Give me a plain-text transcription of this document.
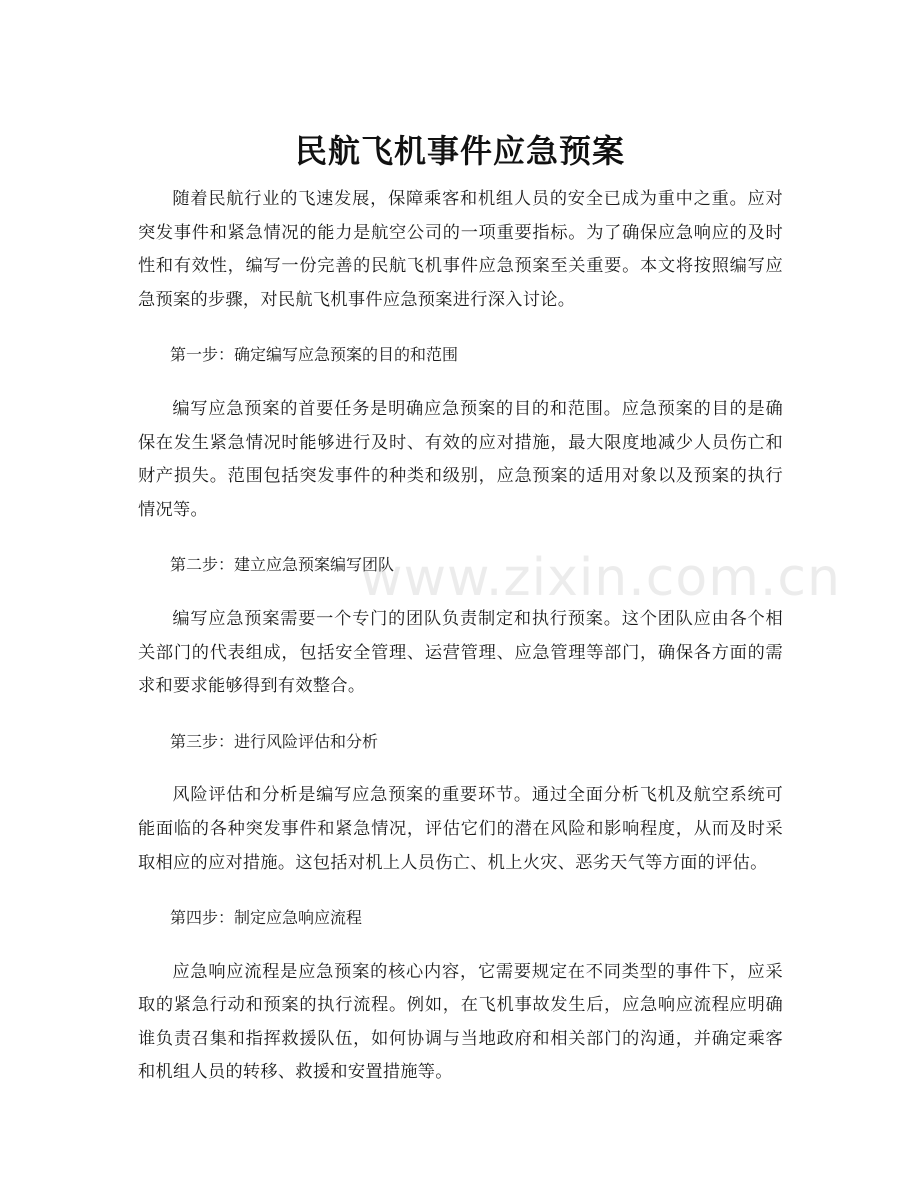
民航飞机事件应急预案

随着民航行业的飞速发展，保障乘客和机组人员的安全已成为重中之重。应对突发事件和紧急情况的能力是航空公司的一项重要指标。为了确保应急响应的及时性和有效性，编写一份完善的民航飞机事件应急预案至关重要。本文将按照编写应急预案的步骤，对民航飞机事件应急预案进行深入讨论。

第一步：确定编写应急预案的目的和范围

编写应急预案的首要任务是明确应急预案的目的和范围。应急预案的目的是确保在发生紧急情况时能够进行及时、有效的应对措施，最大限度地减少人员伤亡和财产损失。范围包括突发事件的种类和级别，应急预案的适用对象以及预案的执行情况等。

第二步：建立应急预案编写团队

编写应急预案需要一个专门的团队负责制定和执行预案。这个团队应由各个相关部门的代表组成，包括安全管理、运营管理、应急管理等部门，确保各方面的需求和要求能够得到有效整合。

第三步：进行风险评估和分析

风险评估和分析是编写应急预案的重要环节。通过全面分析飞机及航空系统可能面临的各种突发事件和紧急情况，评估它们的潜在风险和影响程度，从而及时采取相应的应对措施。这包括对机上人员伤亡、机上火灾、恶劣天气等方面的评估。

第四步：制定应急响应流程

应急响应流程是应急预案的核心内容，它需要规定在不同类型的事件下，应采取的紧急行动和预案的执行流程。例如，在飞机事故发生后，应急响应流程应明确谁负责召集和指挥救援队伍，如何协调与当地政府和相关部门的沟通，并确定乘客和机组人员的转移、救援和安置措施等。

www.zixin.com.cn
